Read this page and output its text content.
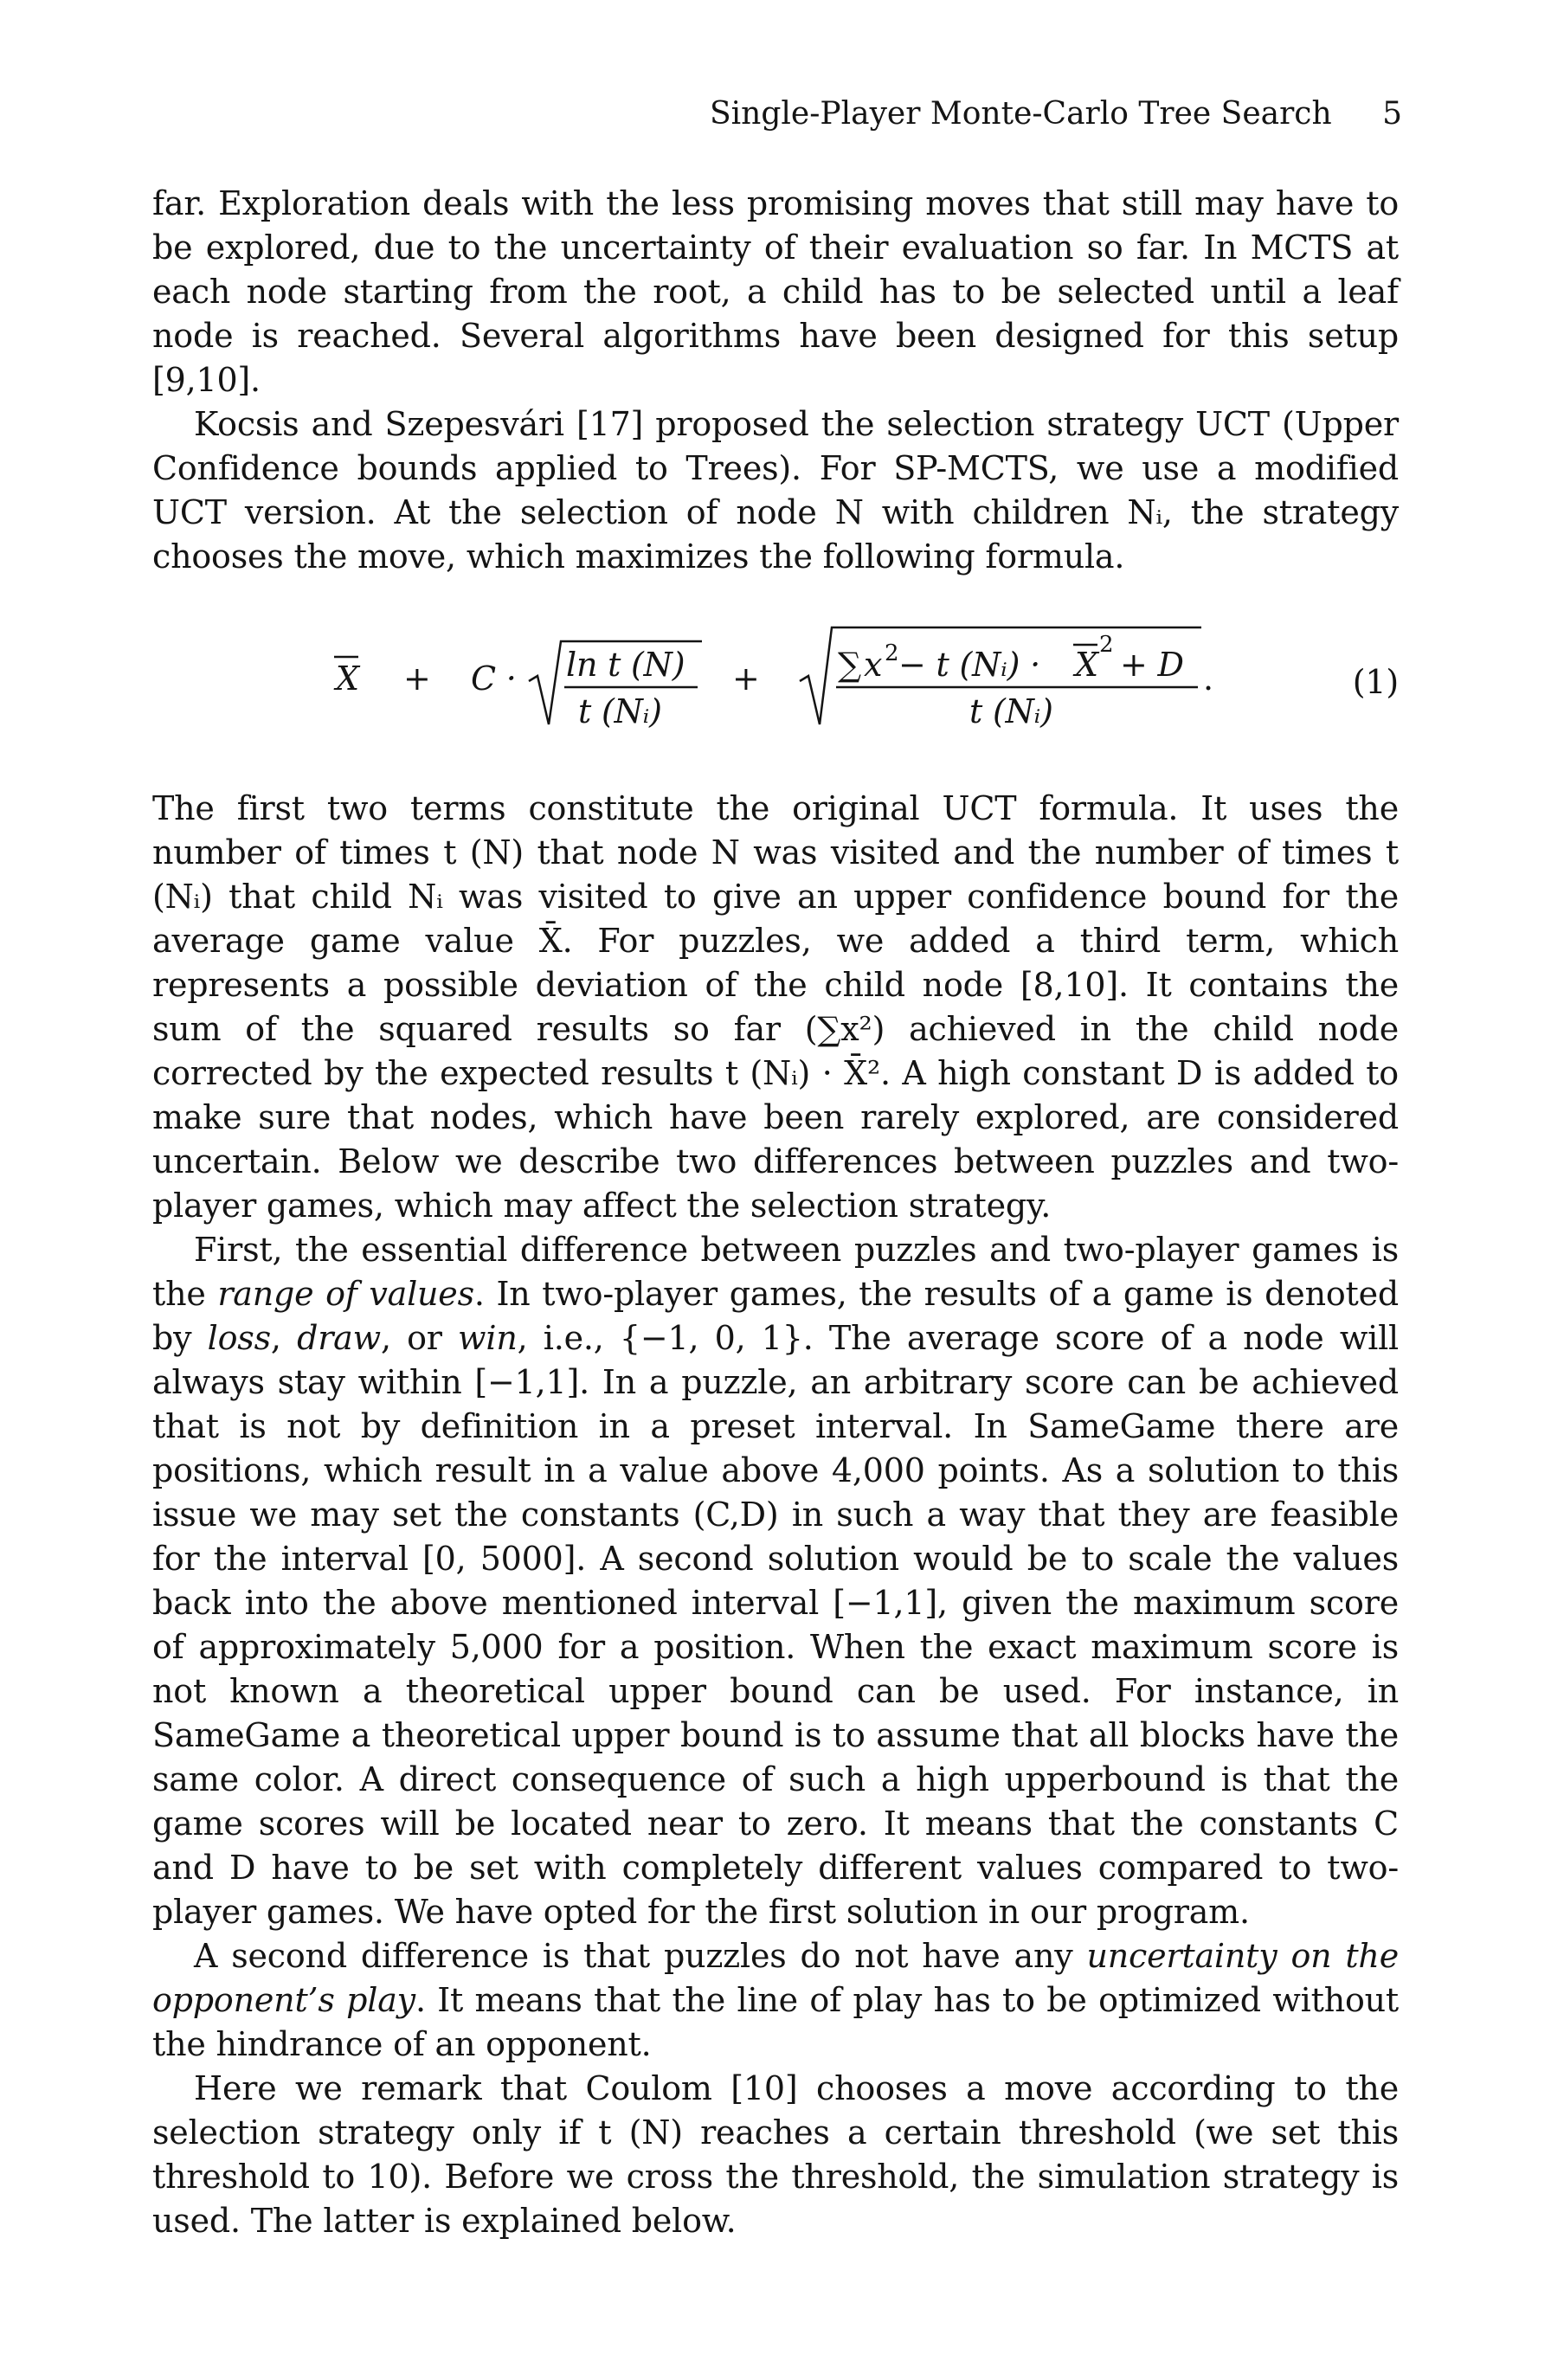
Single-Player Monte-Carlo Tree Search 5

far. Exploration deals with the less promising moves that still may have to be explored, due to the uncertainty of their evaluation so far. In MCTS at each node starting from the root, a child has to be selected until a leaf node is reached. Several algorithms have been designed for this setup [9,10].

Kocsis and Szepesvári [17] proposed the selection strategy UCT (Upper Confidence bounds applied to Trees). For SP-MCTS, we use a modified UCT version. At the selection of node N with children Nᵢ, the strategy chooses the move, which maximizes the following formula.

X + C · ln t (N)
t (Nᵢ)
+ ∑ x 2 − t (Nᵢ) · X
2
+ D
t (Nᵢ)
.	(1)

The first two terms constitute the original UCT formula. It uses the number of times t (N) that node N was visited and the number of times t (Nᵢ) that child Nᵢ was visited to give an upper confidence bound for the average game value X̄. For puzzles, we added a third term, which represents a possible deviation of the child node [8,10]. It contains the sum of the squared results so far (∑x²) achieved in the child node corrected by the expected results t (Nᵢ) · X̄². A high constant D is added to make sure that nodes, which have been rarely explored, are considered uncertain. Below we describe two differences between puzzles and two-player games, which may affect the selection strategy.

First, the essential difference between puzzles and two-player games is the range of values. In two-player games, the results of a game is denoted by loss, draw, or win, i.e., {−1, 0, 1}. The average score of a node will always stay within [−1,1]. In a puzzle, an arbitrary score can be achieved that is not by definition in a preset interval. In SameGame there are positions, which result in a value above 4,000 points. As a solution to this issue we may set the constants (C,D) in such a way that they are feasible for the interval [0, 5000]. A second solution would be to scale the values back into the above mentioned interval [−1,1], given the maximum score of approximately 5,000 for a position. When the exact maximum score is not known a theoretical upper bound can be used. For instance, in SameGame a theoretical upper bound is to assume that all blocks have the same color. A direct consequence of such a high upperbound is that the game scores will be located near to zero. It means that the constants C and D have to be set with completely different values compared to two-player games. We have opted for the first solution in our program.

A second difference is that puzzles do not have any uncertainty on the opponent’s play. It means that the line of play has to be optimized without the hindrance of an opponent.

Here we remark that Coulom [10] chooses a move according to the selection strategy only if t (N) reaches a certain threshold (we set this threshold to 10). Before we cross the threshold, the simulation strategy is used. The latter is explained below.
